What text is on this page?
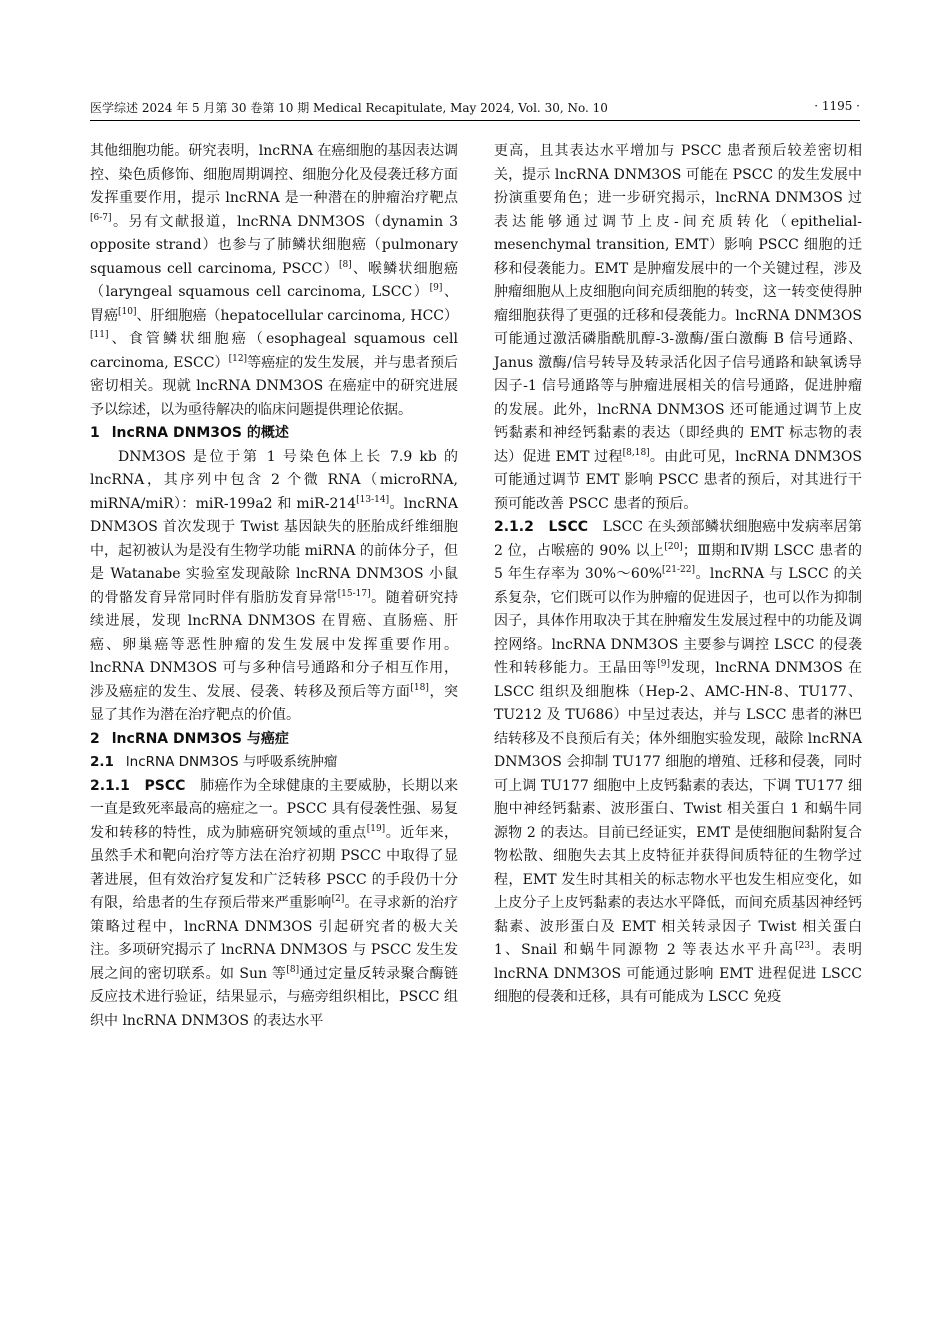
医学综述 2024 年 5 月第 30 卷第 10 期 Medical Recapitulate, May 2024, Vol. 30, No. 10	· 1195 ·

其他细胞功能。研究表明，lncRNA 在癌细胞的基因表达调控、染色质修饰、细胞周期调控、细胞分化及侵袭迁移方面发挥重要作用，提示 lncRNA 是一种潜在的肿瘤治疗靶点[6-7]。另有文献报道，lncRNA DNM3OS（dynamin 3 opposite strand）也参与了肺鳞状细胞癌（pulmonary squamous cell carcinoma, PSCC）[8]、喉鳞状细胞癌（laryngeal squamous cell carcinoma, LSCC）[9]、胃癌[10]、肝细胞癌（hepatocellular carcinoma, HCC）[11]、食管鳞状细胞癌（esophageal squamous cell carcinoma, ESCC）[12]等癌症的发生发展，并与患者预后密切相关。现就 lncRNA DNM3OS 在癌症中的研究进展予以综述，以为亟待解决的临床问题提供理论依据。

1 lncRNA DNM3OS 的概述

DNM3OS 是位于第 1 号染色体上长 7.9 kb 的 lncRNA，其序列中包含 2 个微 RNA（microRNA, miRNA/miR）：miR-199a2 和 miR-214[13-14]。lncRNA DNM3OS 首次发现于 Twist 基因缺失的胚胎成纤维细胞中，起初被认为是没有生物学功能 miRNA 的前体分子，但是 Watanabe 实验室发现敲除 lncRNA DNM3OS 小鼠的骨骼发育异常同时伴有脂肪发育异常[15-17]。随着研究持续进展，发现 lncRNA DNM3OS 在胃癌、直肠癌、肝癌、卵巢癌等恶性肿瘤的发生发展中发挥重要作用。lncRNA DNM3OS 可与多种信号通路和分子相互作用，涉及癌症的发生、发展、侵袭、转移及预后等方面[18]，突显了其作为潜在治疗靶点的价值。

2 lncRNA DNM3OS 与癌症

2.1 lncRNA DNM3OS 与呼吸系统肿瘤

2.1.1　PSCC　肺癌作为全球健康的主要威胁，长期以来一直是致死率最高的癌症之一。PSCC 具有侵袭性强、易复发和转移的特性，成为肺癌研究领域的重点[19]。近年来，虽然手术和靶向治疗等方法在治疗初期 PSCC 中取得了显著进展，但有效治疗复发和广泛转移 PSCC 的手段仍十分有限，给患者的生存预后带来严重影响[2]。在寻求新的治疗策略过程中，lncRNA DNM3OS 引起研究者的极大关注。多项研究揭示了 lncRNA DNM3OS 与 PSCC 发生发展之间的密切联系。如 Sun 等[8]通过定量反转录聚合酶链反应技术进行验证，结果显示，与癌旁组织相比，PSCC 组织中 lncRNA DNM3OS 的表达水平

更高，且其表达水平增加与 PSCC 患者预后较差密切相关，提示 lncRNA DNM3OS 可能在 PSCC 的发生发展中扮演重要角色；进一步研究揭示，lncRNA DNM3OS 过表达能够通过调节上皮-间充质转化（epithelial-mesenchymal transition, EMT）影响 PSCC 细胞的迁移和侵袭能力。EMT 是肿瘤发展中的一个关键过程，涉及肿瘤细胞从上皮细胞向间充质细胞的转变，这一转变使得肿瘤细胞获得了更强的迁移和侵袭能力。lncRNA DNM3OS 可能通过激活磷脂酰肌醇-3-激酶/蛋白激酶 B 信号通路、Janus 激酶/信号转导及转录活化因子信号通路和缺氧诱导因子-1 信号通路等与肿瘤进展相关的信号通路，促进肿瘤的发展。此外，lncRNA DNM3OS 还可能通过调节上皮钙黏素和神经钙黏素的表达（即经典的 EMT 标志物的表达）促进 EMT 过程[8,18]。由此可见，lncRNA DNM3OS 可能通过调节 EMT 影响 PSCC 患者的预后，对其进行干预可能改善 PSCC 患者的预后。

2.1.2　LSCC　LSCC 在头颈部鳞状细胞癌中发病率居第 2 位，占喉癌的 90% 以上[20]；Ⅲ期和Ⅳ期 LSCC 患者的 5 年生存率为 30%～60%[21-22]。lncRNA 与 LSCC 的关系复杂，它们既可以作为肿瘤的促进因子，也可以作为抑制因子，具体作用取决于其在肿瘤发生发展过程中的功能及调控网络。lncRNA DNM3OS 主要参与调控 LSCC 的侵袭性和转移能力。王晶田等[9]发现，lncRNA DNM3OS 在 LSCC 组织及细胞株（Hep-2、AMC-HN-8、TU177、TU212 及 TU686）中呈过表达，并与 LSCC 患者的淋巴结转移及不良预后有关；体外细胞实验发现，敲除 lncRNA DNM3OS 会抑制 TU177 细胞的增殖、迁移和侵袭，同时可上调 TU177 细胞中上皮钙黏素的表达，下调 TU177 细胞中神经钙黏素、波形蛋白、Twist 相关蛋白 1 和蜗牛同源物 2 的表达。目前已经证实，EMT 是使细胞间黏附复合物松散、细胞失去其上皮特征并获得间质特征的生物学过程，EMT 发生时其相关的标志物水平也发生相应变化，如上皮分子上皮钙黏素的表达水平降低，而间充质基因神经钙黏素、波形蛋白及 EMT 相关转录因子 Twist 相关蛋白 1、Snail 和蜗牛同源物 2 等表达水平升高[23]。表明 lncRNA DNM3OS 可能通过影响 EMT 进程促进 LSCC 细胞的侵袭和迁移，具有可能成为 LSCC 免疫
